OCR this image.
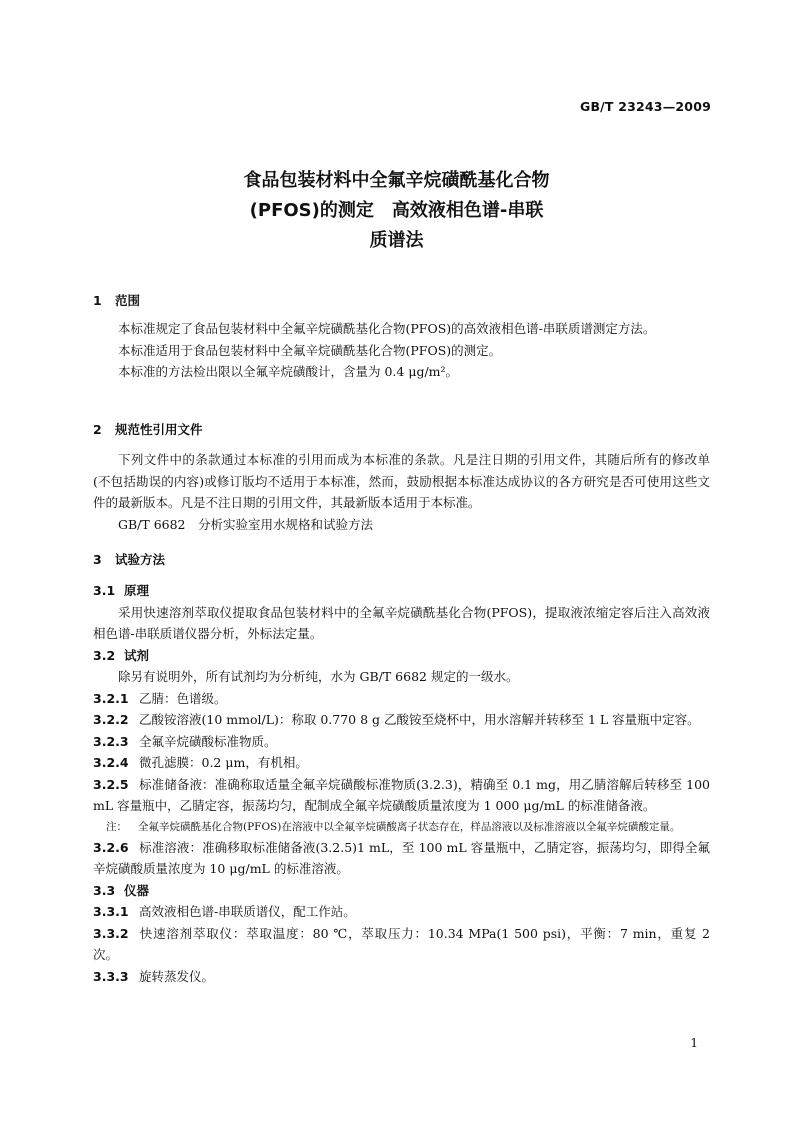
GB/T 23243—2009
食品包装材料中全氟辛烷磺酰基化合物
(PFOS)的测定　高效液相色谱-串联
质谱法
1 范围
本标准规定了食品包装材料中全氟辛烷磺酰基化合物(PFOS)的高效液相色谱-串联质谱测定方法。
本标准适用于食品包装材料中全氟辛烷磺酰基化合物(PFOS)的测定。
本标准的方法检出限以全氟辛烷磺酸计，含量为 0.4 μg/m²。
2 规范性引用文件
下列文件中的条款通过本标准的引用而成为本标准的条款。凡是注日期的引用文件，其随后所有的修改单(不包括勘误的内容)或修订版均不适用于本标准，然而，鼓励根据本标准达成协议的各方研究是否可使用这些文件的最新版本。凡是不注日期的引用文件，其最新版本适用于本标准。
GB/T 6682　分析实验室用水规格和试验方法
3 试验方法
3.1 原理
采用快速溶剂萃取仪提取食品包装材料中的全氟辛烷磺酰基化合物(PFOS)，提取液浓缩定容后注入高效液相色谱-串联质谱仪器分析，外标法定量。
3.2 试剂
除另有说明外，所有试剂均为分析纯，水为 GB/T 6682 规定的一级水。
3.2.1 乙腈：色谱级。
3.2.2 乙酸铵溶液(10 mmol/L)：称取 0.770 8 g 乙酸铵至烧杯中，用水溶解并转移至 1 L 容量瓶中定容。
3.2.3 全氟辛烷磺酸标准物质。
3.2.4 微孔滤膜：0.2 μm，有机相。
3.2.5 标准储备液：准确称取适量全氟辛烷磺酸标准物质(3.2.3)，精确至 0.1 mg，用乙腈溶解后转移至 100 mL 容量瓶中，乙腈定容，振荡均匀，配制成全氟辛烷磺酸质量浓度为 1 000 μg/mL 的标准储备液。
注：	全氟辛烷磺酰基化合物(PFOS)在溶液中以全氟辛烷磺酸离子状态存在，样品溶液以及标准溶液以全氟辛烷磺酸定量。
3.2.6 标准溶液：准确移取标准储备液(3.2.5)1 mL，至 100 mL 容量瓶中，乙腈定容，振荡均匀，即得全氟辛烷磺酸质量浓度为 10 μg/mL 的标准溶液。
3.3 仪器
3.3.1 高效液相色谱-串联质谱仪，配工作站。
3.3.2 快速溶剂萃取仪：萃取温度：80 ℃，萃取压力：10.34 MPa(1 500 psi)，平衡：7 min，重复 2 次。
3.3.3 旋转蒸发仪。
1
